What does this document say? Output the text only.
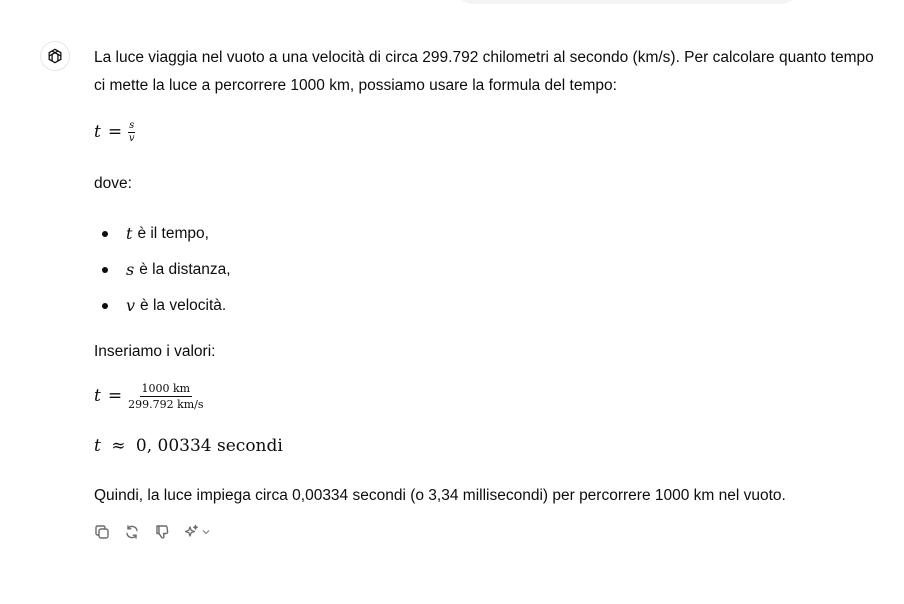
La luce viaggia nel vuoto a una velocità di circa 299.792 chilometri al secondo (km/s). Per calcolare quanto tempo ci mette la luce a percorrere 1000 km, possiamo usare la formula del tempo:

$t = \frac{s}{v}$

dove:

t è il tempo,
s è la distanza,
v è la velocità.

Inseriamo i valori:

$t = \frac{1000 km}{299.792 km/s}$
t ≈ 0, 00334 secondi

Quindi, la luce impiega circa 0,00334 secondi (o 3,34 millisecondi) per percorrere 1000 km nel vuoto.
